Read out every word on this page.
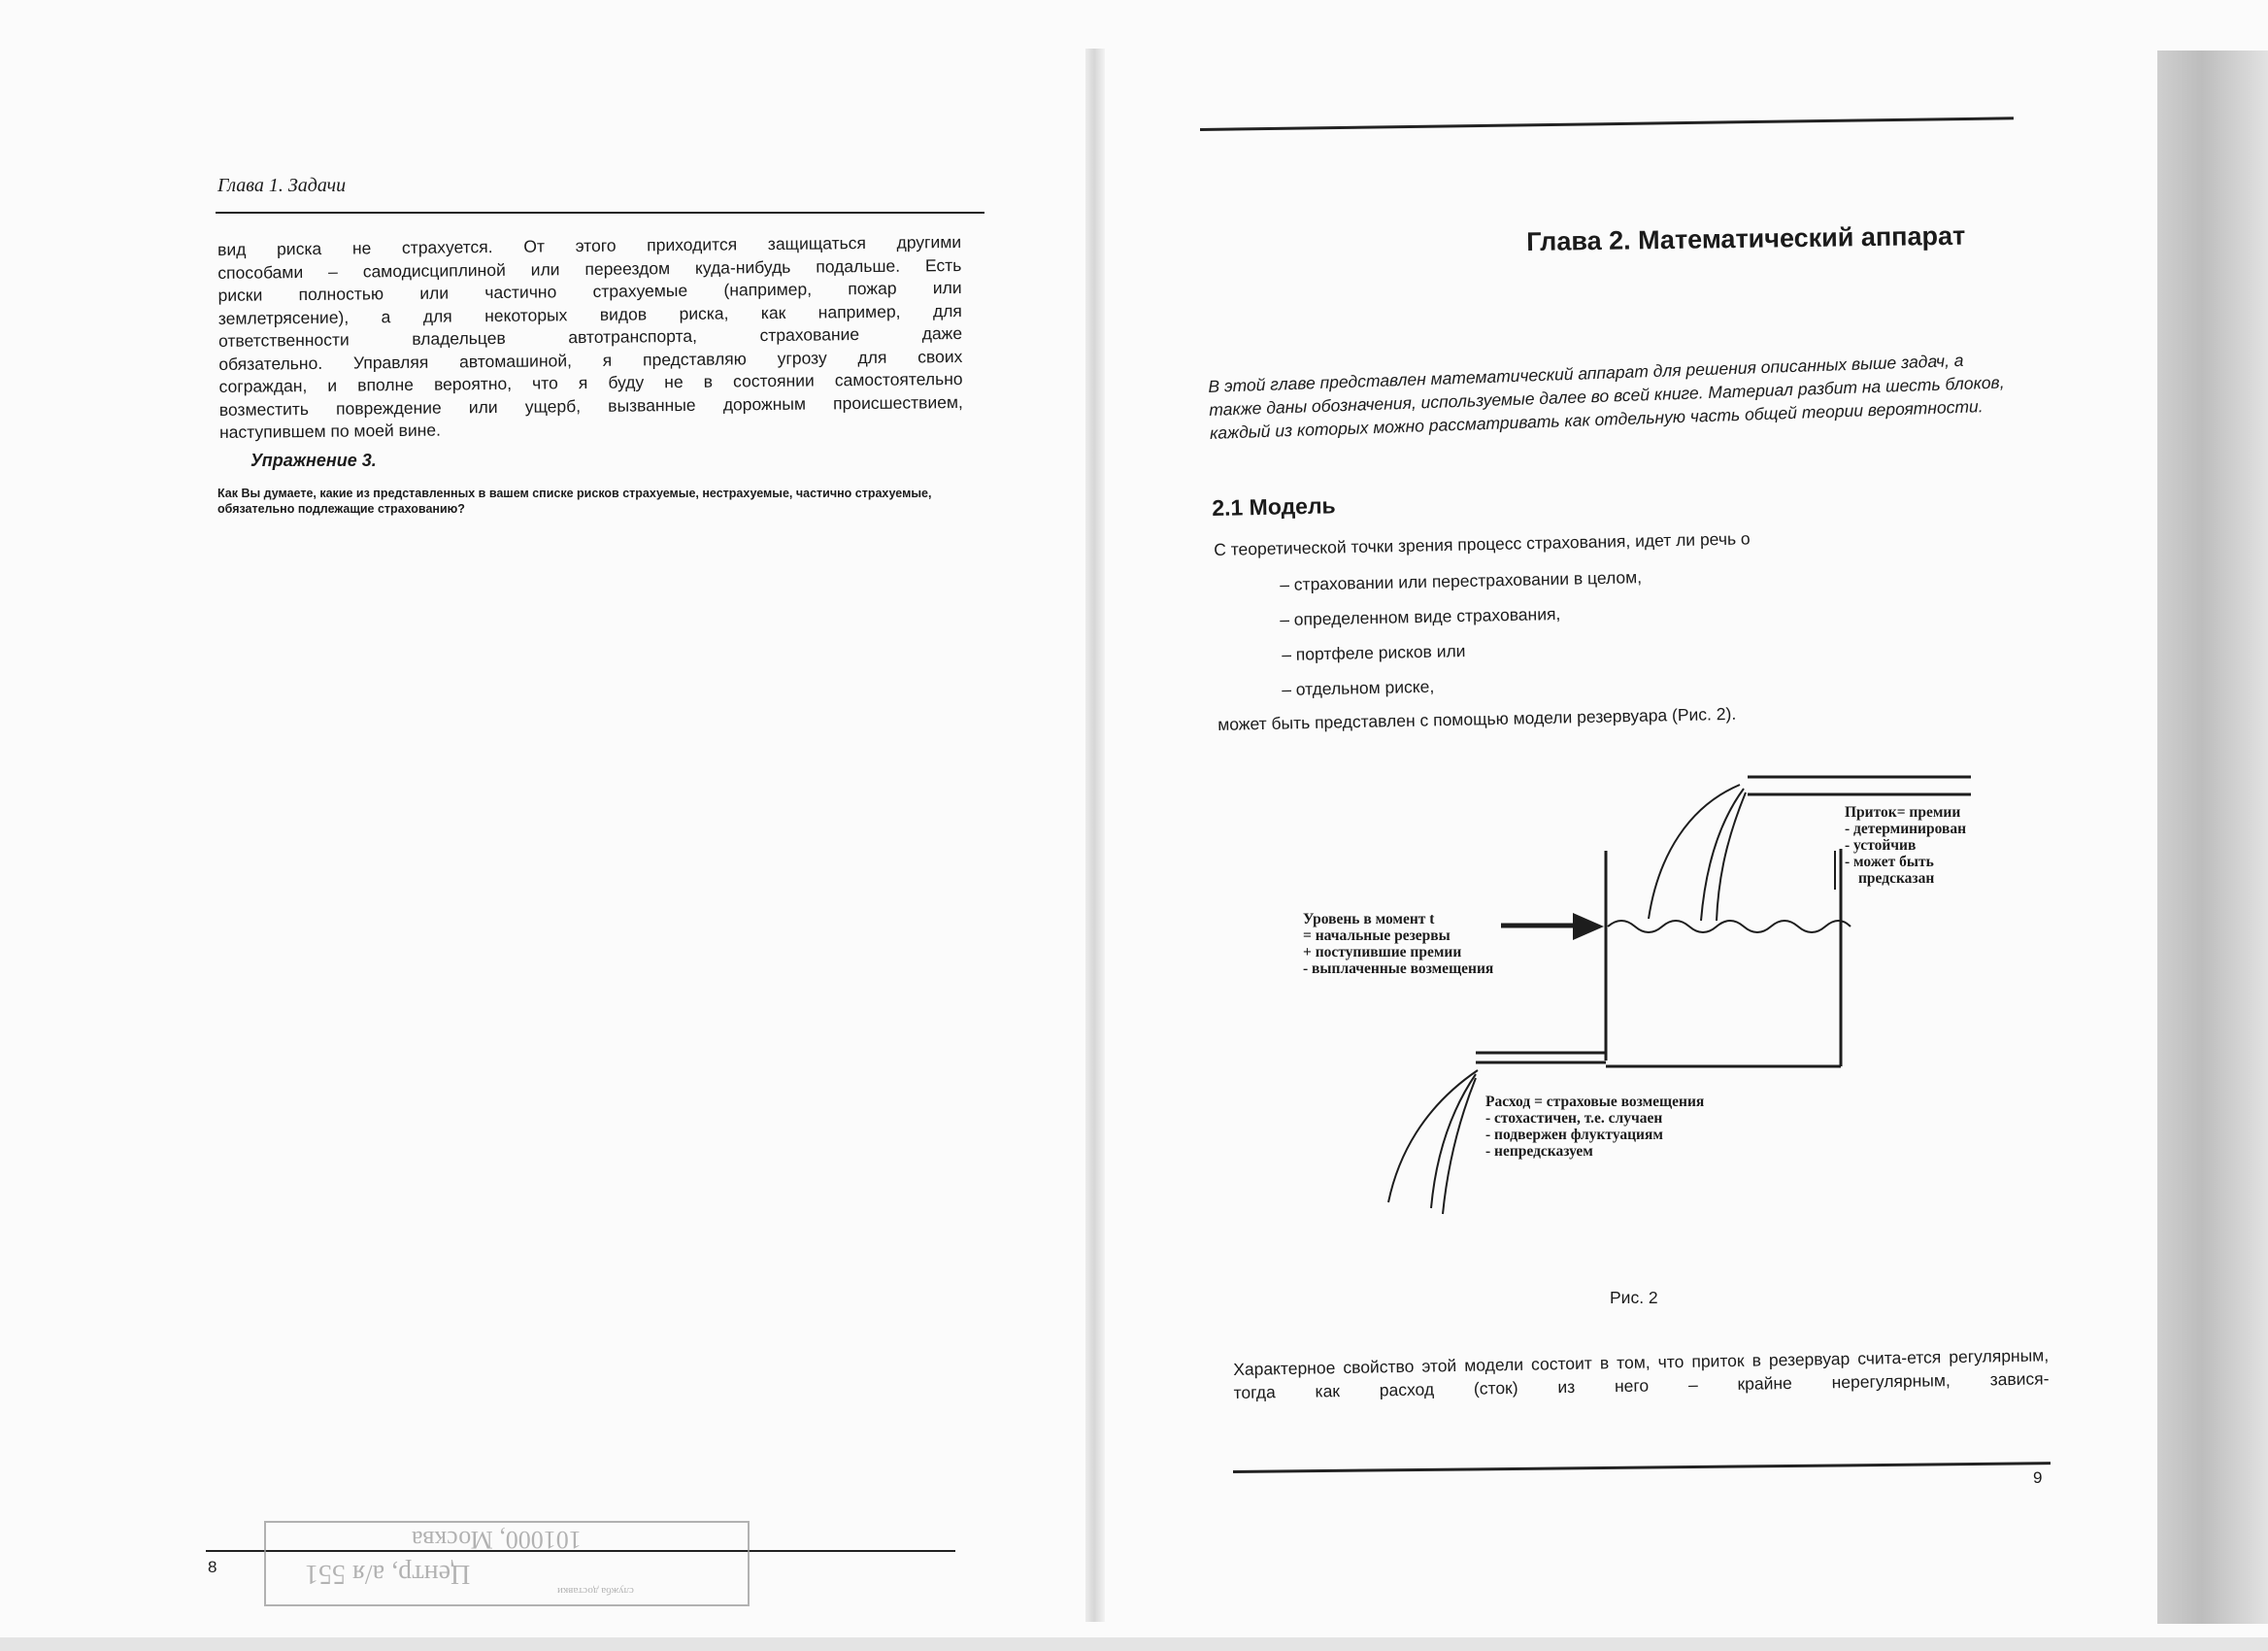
Глава 1. Задачи

вид риска не страхуется. От этого приходится защищаться другими

способами – самодисциплиной или переездом куда-нибудь подальше. Есть

риски полностью или частично страхуемые (например, пожар или

землетрясение), а для некоторых видов риска, как например, для

ответственности владельцев автотранспорта, страхование даже

обязательно. Управляя автомашиной, я представляю угрозу для своих

сограждан, и вполне вероятно, что я буду не в состоянии самостоятельно

возместить повреждение или ущерб, вызванные дорожным происшествием,

наступившем по моей вине.

Упражнение 3.

Как Вы думаете, какие из представленных в вашем списке рисков страхуемые, нестрахуемые, частично страхуемые, обязательно подлежащие страхованию?

8
101000, Москва
Центр, а/я 551
служба доставки
Глава 2. Математический аппарат

В этой главе представлен математический аппарат для решения описанных выше задач, а также даны обозначения, используемые далее во всей книге. Материал разбит на шесть блоков, каждый из которых можно рассматривать как отдельную часть общей теории вероятности.

2.1 Модель
С теоретической точки зрения процесс страхования, идет ли речь о
– страховании или перестраховании в целом,
– определенном виде страхования,
– портфеле рисков или
– отдельном риске,
может быть представлен с помощью модели резервуара (Рис. 2).
Приток= премии
- детерминирован
- устойчив
- может быть
предсказан
Уровень в момент t
= начальные резервы
+ поступившие премии
- выплаченные возмещения
Расход = страховые возмещения
- стохастичен, т.е. случаен
- подвержен флуктуациям
- непредсказуем
Рис. 2

Характерное свойство этой модели состоит в том, что приток в резервуар счита-ется регулярным, тогда как расход (сток) из него – крайне нерегулярным, завися-

9
